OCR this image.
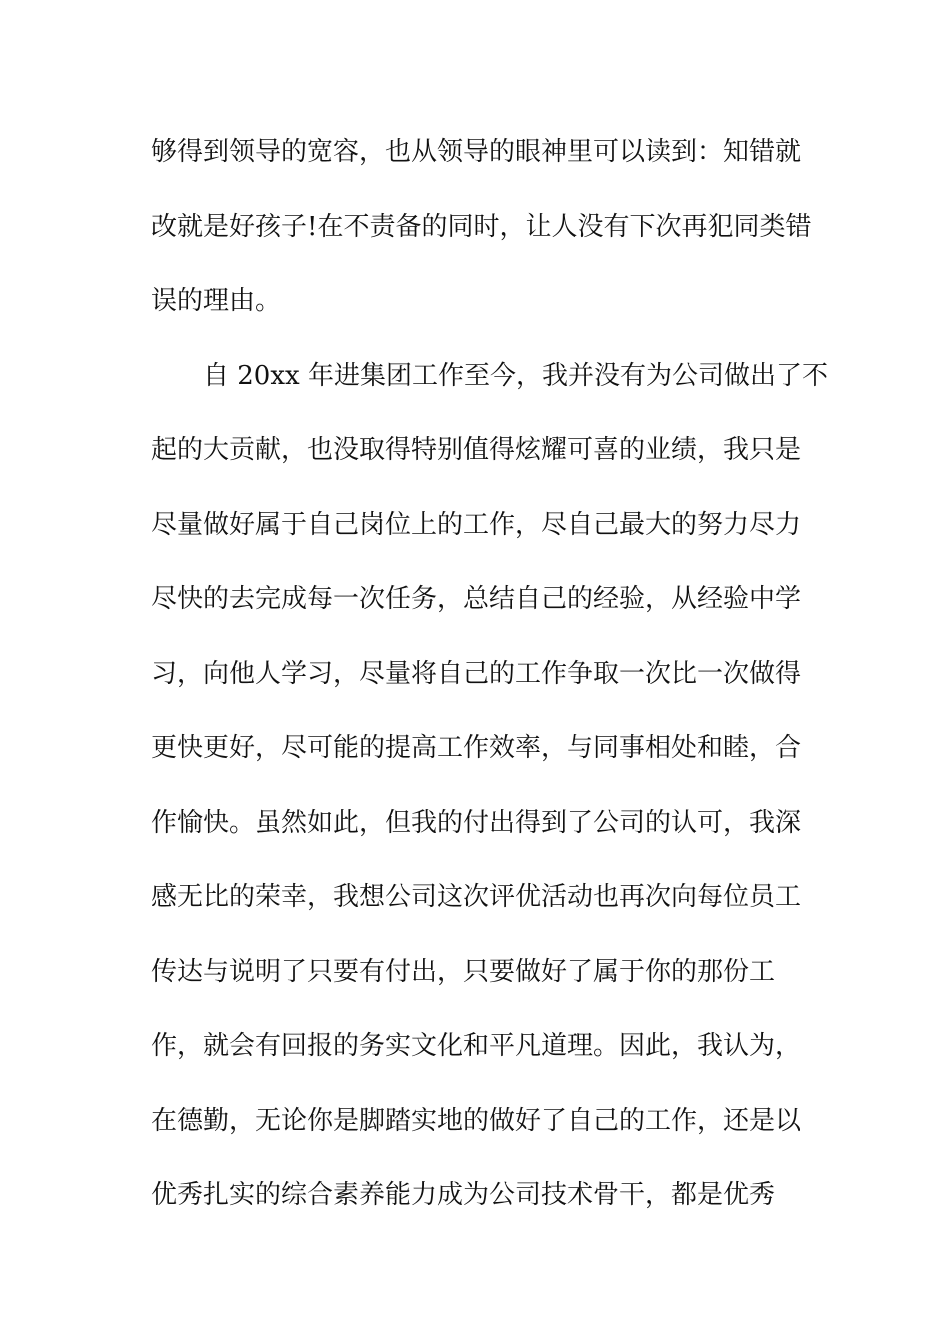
够得到领导的宽容，也从领导的眼神里可以读到：知错就
改就是好孩子!在不责备的同时，让人没有下次再犯同类错
误的理由。
自 20xx 年进集团工作至今，我并没有为公司做出了不
起的大贡献，也没取得特别值得炫耀可喜的业绩，我只是
尽量做好属于自己岗位上的工作，尽自己最大的努力尽力
尽快的去完成每一次任务，总结自己的经验，从经验中学
习，向他人学习，尽量将自己的工作争取一次比一次做得
更快更好，尽可能的提高工作效率，与同事相处和睦，合
作愉快。虽然如此，但我的付出得到了公司的认可，我深
感无比的荣幸，我想公司这次评优活动也再次向每位员工
传达与说明了只要有付出，只要做好了属于你的那份工
作，就会有回报的务实文化和平凡道理。因此，我认为，
在德勤，无论你是脚踏实地的做好了自己的工作，还是以
优秀扎实的综合素养能力成为公司技术骨干，都是优秀
